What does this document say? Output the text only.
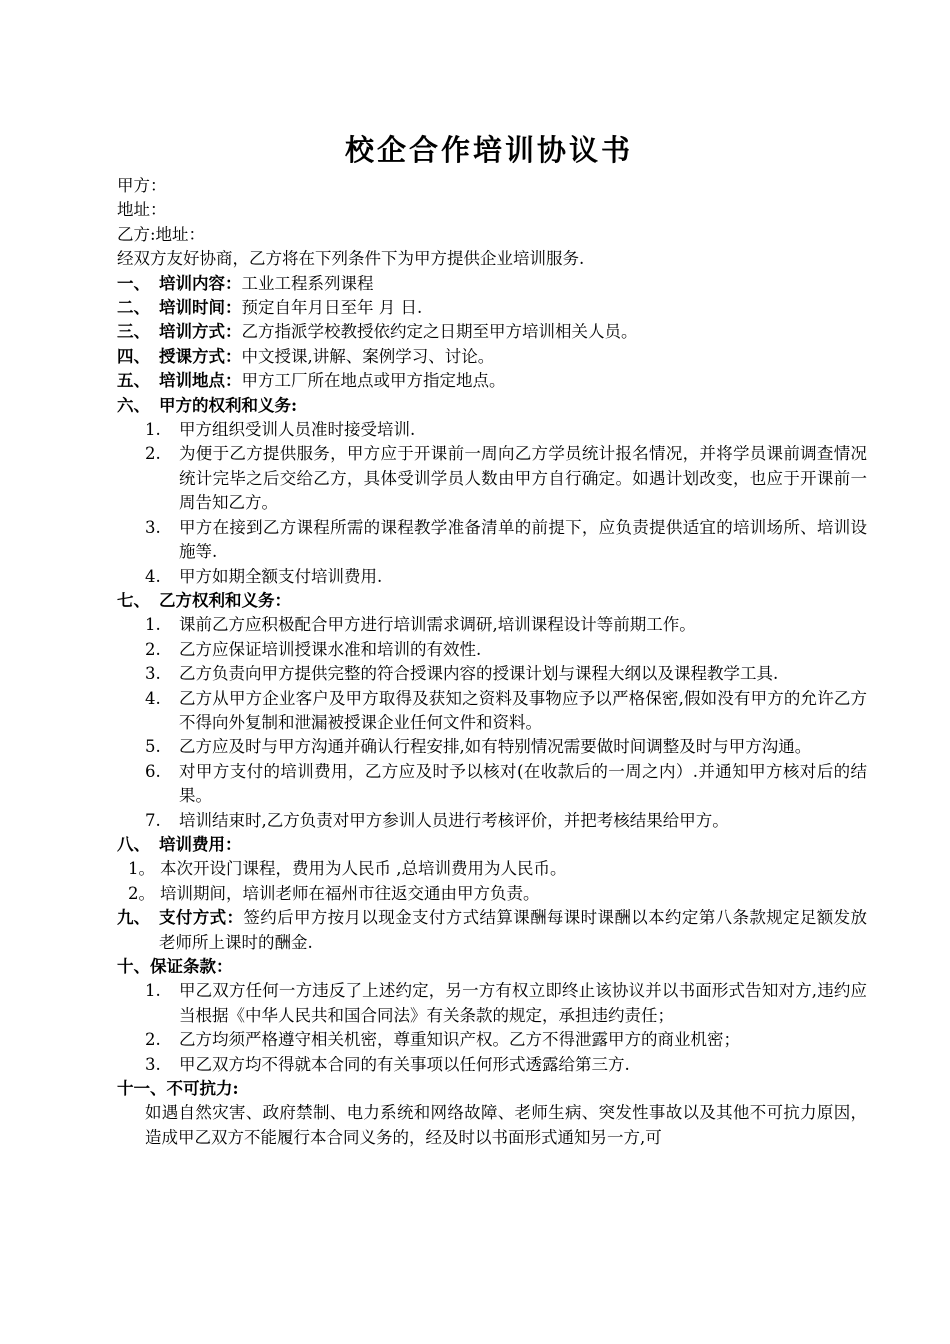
校企合作培训协议书
甲方：
地址：
乙方:地址：
经双方友好协商，乙方将在下列条件下为甲方提供企业培训服务.
一、 培训内容： 工业工程系列课程
二、 培训时间： 预定自年月日至年 月 日.
三、 培训方式： 乙方指派学校教授依约定之日期至甲方培训相关人员。
四、 授课方式： 中文授课,讲解、案例学习、讨论。
五、 培训地点： 甲方工厂所在地点或甲方指定地点。
六、 甲方的权利和义务:
1.	甲方组织受训人员准时接受培训.
2.	为便于乙方提供服务，甲方应于开课前一周向乙方学员统计报名情况，并将学员课前调查情况统计完毕之后交给乙方，具体受训学员人数由甲方自行确定。如遇计划改变，也应于开课前一周告知乙方。
3.	甲方在接到乙方课程所需的课程教学准备清单的前提下，应负责提供适宜的培训场所、培训设施等.
4.	甲方如期全额支付培训费用.
七、 乙方权利和义务：
1.	课前乙方应积极配合甲方进行培训需求调研,培训课程设计等前期工作。
2.	乙方应保证培训授课水准和培训的有效性.
3.	乙方负责向甲方提供完整的符合授课内容的授课计划与课程大纲以及课程教学工具.
4.	乙方从甲方企业客户及甲方取得及获知之资料及事物应予以严格保密,假如没有甲方的允许乙方不得向外复制和泄漏被授课企业任何文件和资料。
5.	乙方应及时与甲方沟通并确认行程安排,如有特别情况需要做时间调整及时与甲方沟通。
6.	对甲方支付的培训费用，乙方应及时予以核对(在收款后的一周之内）.并通知甲方核对后的结果。
7.	培训结束时,乙方负责对甲方参训人员进行考核评价，并把考核结果给甲方。
八、 培训费用：
1。 本次开设门课程，费用为人民币 ,总培训费用为人民币。
2。 培训期间，培训老师在福州市往返交通由甲方负责。
九、 支付方式：签约后甲方按月以现金支付方式结算课酬每课时课酬以本约定第八条款规定足额发放老师所上课时的酬金.
十、保证条款：
1.	甲乙双方任何一方违反了上述约定，另一方有权立即终止该协议并以书面形式告知对方,违约应当根据《中华人民共和国合同法》有关条款的规定，承担违约责任；
2.	乙方均须严格遵守相关机密，尊重知识产权。乙方不得泄露甲方的商业机密；
3.	甲乙双方均不得就本合同的有关事项以任何形式透露给第三方.
十一、不可抗力:
如遇自然灾害、政府禁制、电力系统和网络故障、老师生病、突发性事故以及其他不可抗力原因，造成甲乙双方不能履行本合同义务的，经及时以书面形式通知另一方,可
